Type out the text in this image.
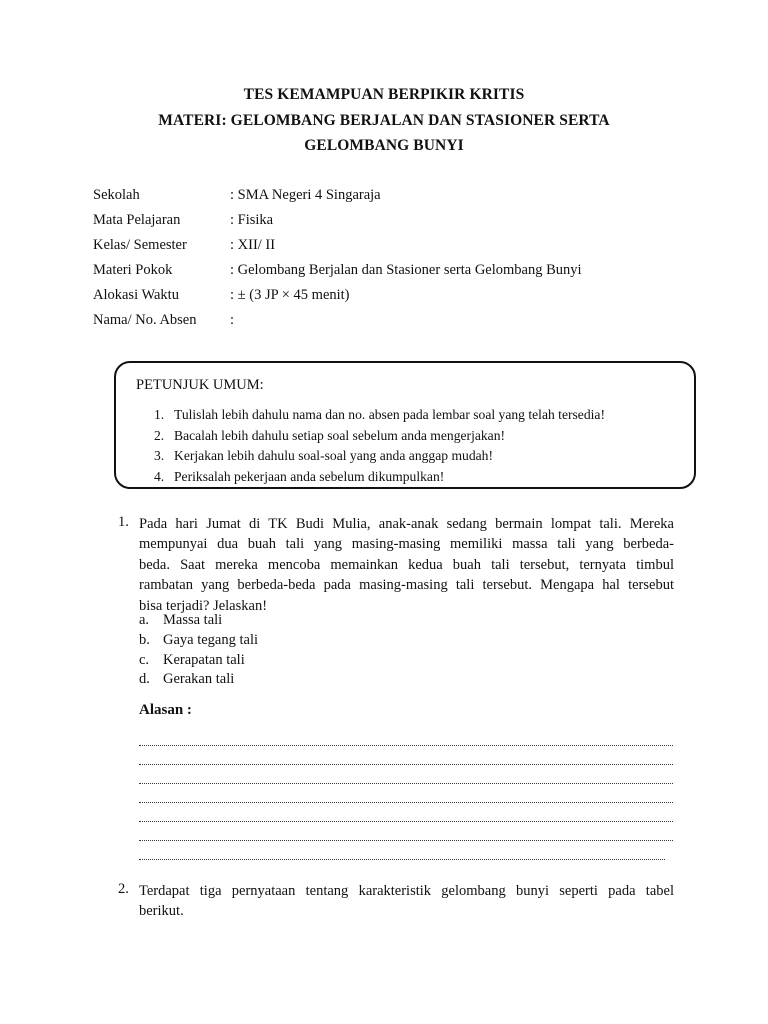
TES KEMAMPUAN BERPIKIR KRITIS
MATERI: GELOMBANG BERJALAN DAN STASIONER SERTA
GELOMBANG BUNYI
Sekolah	: SMA Negeri 4 Singaraja
Mata Pelajaran	: Fisika
Kelas/ Semester	: XII/ II
Materi Pokok	: Gelombang Berjalan dan Stasioner serta Gelombang Bunyi
Alokasi Waktu	: ± (3 JP × 45 menit)
Nama/ No. Absen :
PETUNJUK UMUM:
1. Tulislah lebih dahulu nama dan no. absen pada lembar soal yang telah tersedia!
2. Bacalah lebih dahulu setiap soal sebelum anda mengerjakan!
3. Kerjakan lebih dahulu soal-soal yang anda anggap mudah!
4. Periksalah pekerjaan anda sebelum dikumpulkan!
1. Pada hari Jumat di TK Budi Mulia, anak-anak sedang bermain lompat tali. Mereka
mempunyai dua buah tali yang masing-masing memiliki massa tali yang berbeda-
beda. Saat mereka mencoba memainkan kedua buah tali tersebut, ternyata timbul
rambatan yang berbeda-beda pada masing-masing tali tersebut. Mengapa hal tersebut
bisa terjadi? Jelaskan!
a. Massa tali
b. Gaya tegang tali
c. Kerapatan tali
d. Gerakan tali
Alasan :
2. Terdapat tiga pernyataan tentang karakteristik gelombang bunyi seperti pada tabel
berikut.
